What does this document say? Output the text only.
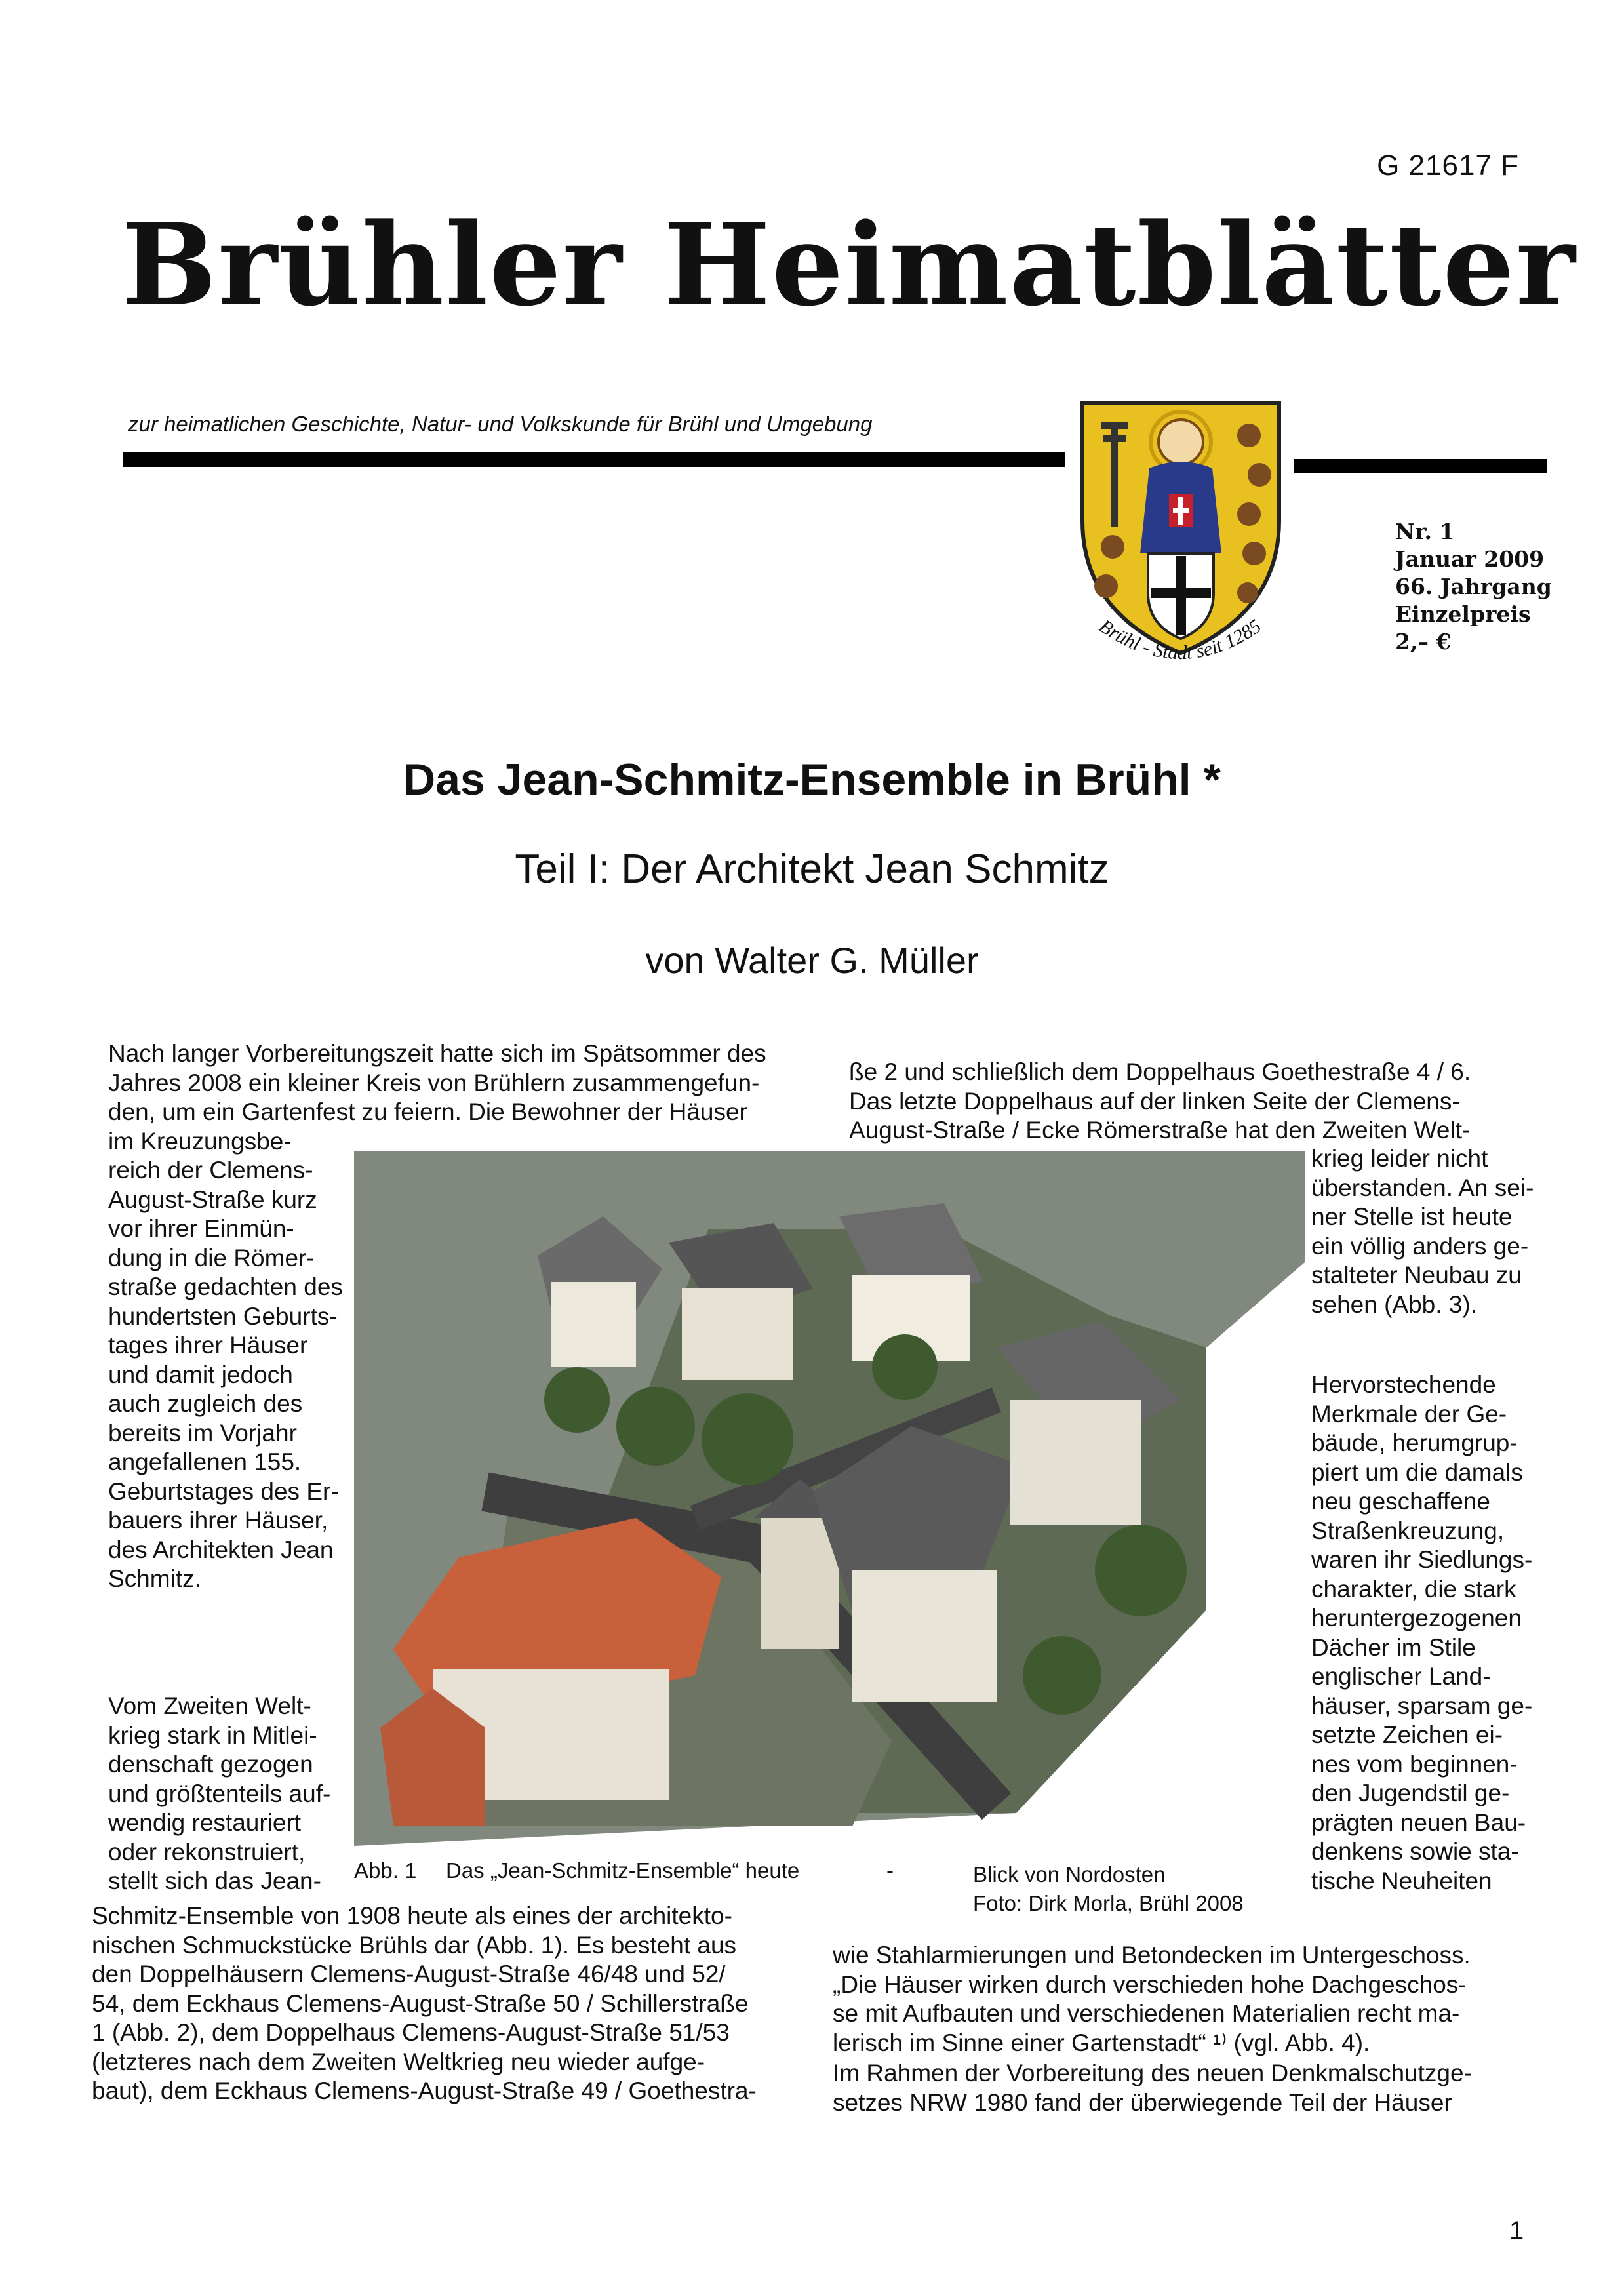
G 21617 F
Brühler Heimatblätter
zur heimatlichen Geschichte, Natur- und Volkskunde für Brühl und Umgebung
Brühl - Stadt seit 1285
Nr. 1
Januar 2009
66. Jahrgang
Einzelpreis
2,– €
Das Jean-Schmitz-Ensemble in Brühl *
Teil I: Der Architekt Jean Schmitz
von Walter G. Müller
Nach langer Vorbereitungszeit hatte sich im Spätsommer des
Jahres 2008 ein kleiner Kreis von Brühlern zusammengefun-
den, um ein Gartenfest zu feiern. Die Bewohner der Häuser
im Kreuzungsbe-
reich der Clemens-
August-Straße kurz
vor ihrer Einmün-
dung in die Römer-
straße gedachten des
hundertsten Geburts-
tages ihrer Häuser
und damit jedoch
auch zugleich des
bereits im Vorjahr
angefallenen 155.
Geburtstages des Er-
bauers ihrer Häuser,
des Architekten Jean
Schmitz.
Vom Zweiten Welt-
krieg stark in Mitlei-
denschaft gezogen
und größtenteils auf-
wendig restauriert
oder rekonstruiert,
stellt sich das Jean-
Schmitz-Ensemble von 1908 heute als eines der architekto-
nischen Schmuckstücke Brühls dar (Abb. 1). Es besteht aus
den Doppelhäusern Clemens-August-Straße 46/48 und 52/
54, dem Eckhaus Clemens-August-Straße 50 / Schillerstraße
1 (Abb. 2), dem Doppelhaus Clemens-August-Straße 51/53
(letzteres nach dem Zweiten Weltkrieg neu wieder aufge-
baut), dem Eckhaus Clemens-August-Straße 49 / Goethestra-
ße 2 und schließlich dem Doppelhaus Goethestraße 4 / 6.
Das letzte Doppelhaus auf der linken Seite der Clemens-
August-Straße / Ecke Römerstraße hat den Zweiten Welt-
krieg leider nicht
überstanden. An sei-
ner Stelle ist heute
ein völlig anders ge-
stalteter Neubau zu
sehen (Abb. 3).
Hervorstechende
Merkmale der Ge-
bäude, herumgrup-
piert um die damals
neu geschaffene
Straßenkreuzung,
waren ihr Siedlungs-
charakter, die stark
heruntergezogenen
Dächer im Stile
englischer Land-
häuser, sparsam ge-
setzte Zeichen ei-
nes vom beginnen-
den Jugendstil ge-
prägten neuen Bau-
denkens sowie sta-
tische Neuheiten
wie Stahlarmierungen und Betondecken im Untergeschoss.
„Die Häuser wirken durch verschieden hohe Dachgeschos-
se mit Aufbauten und verschiedenen Materialien recht ma-
lerisch im Sinne einer Gartenstadt“ ¹⁾ (vgl. Abb. 4).
Im Rahmen der Vorbereitung des neuen Denkmalschutzge-
setzes NRW 1980 fand der überwiegende Teil der Häuser
Abb. 1 Das „Jean-Schmitz-Ensemble“ heute	-	Blick von Nordosten
Foto: Dirk Morla, Brühl 2008
1
